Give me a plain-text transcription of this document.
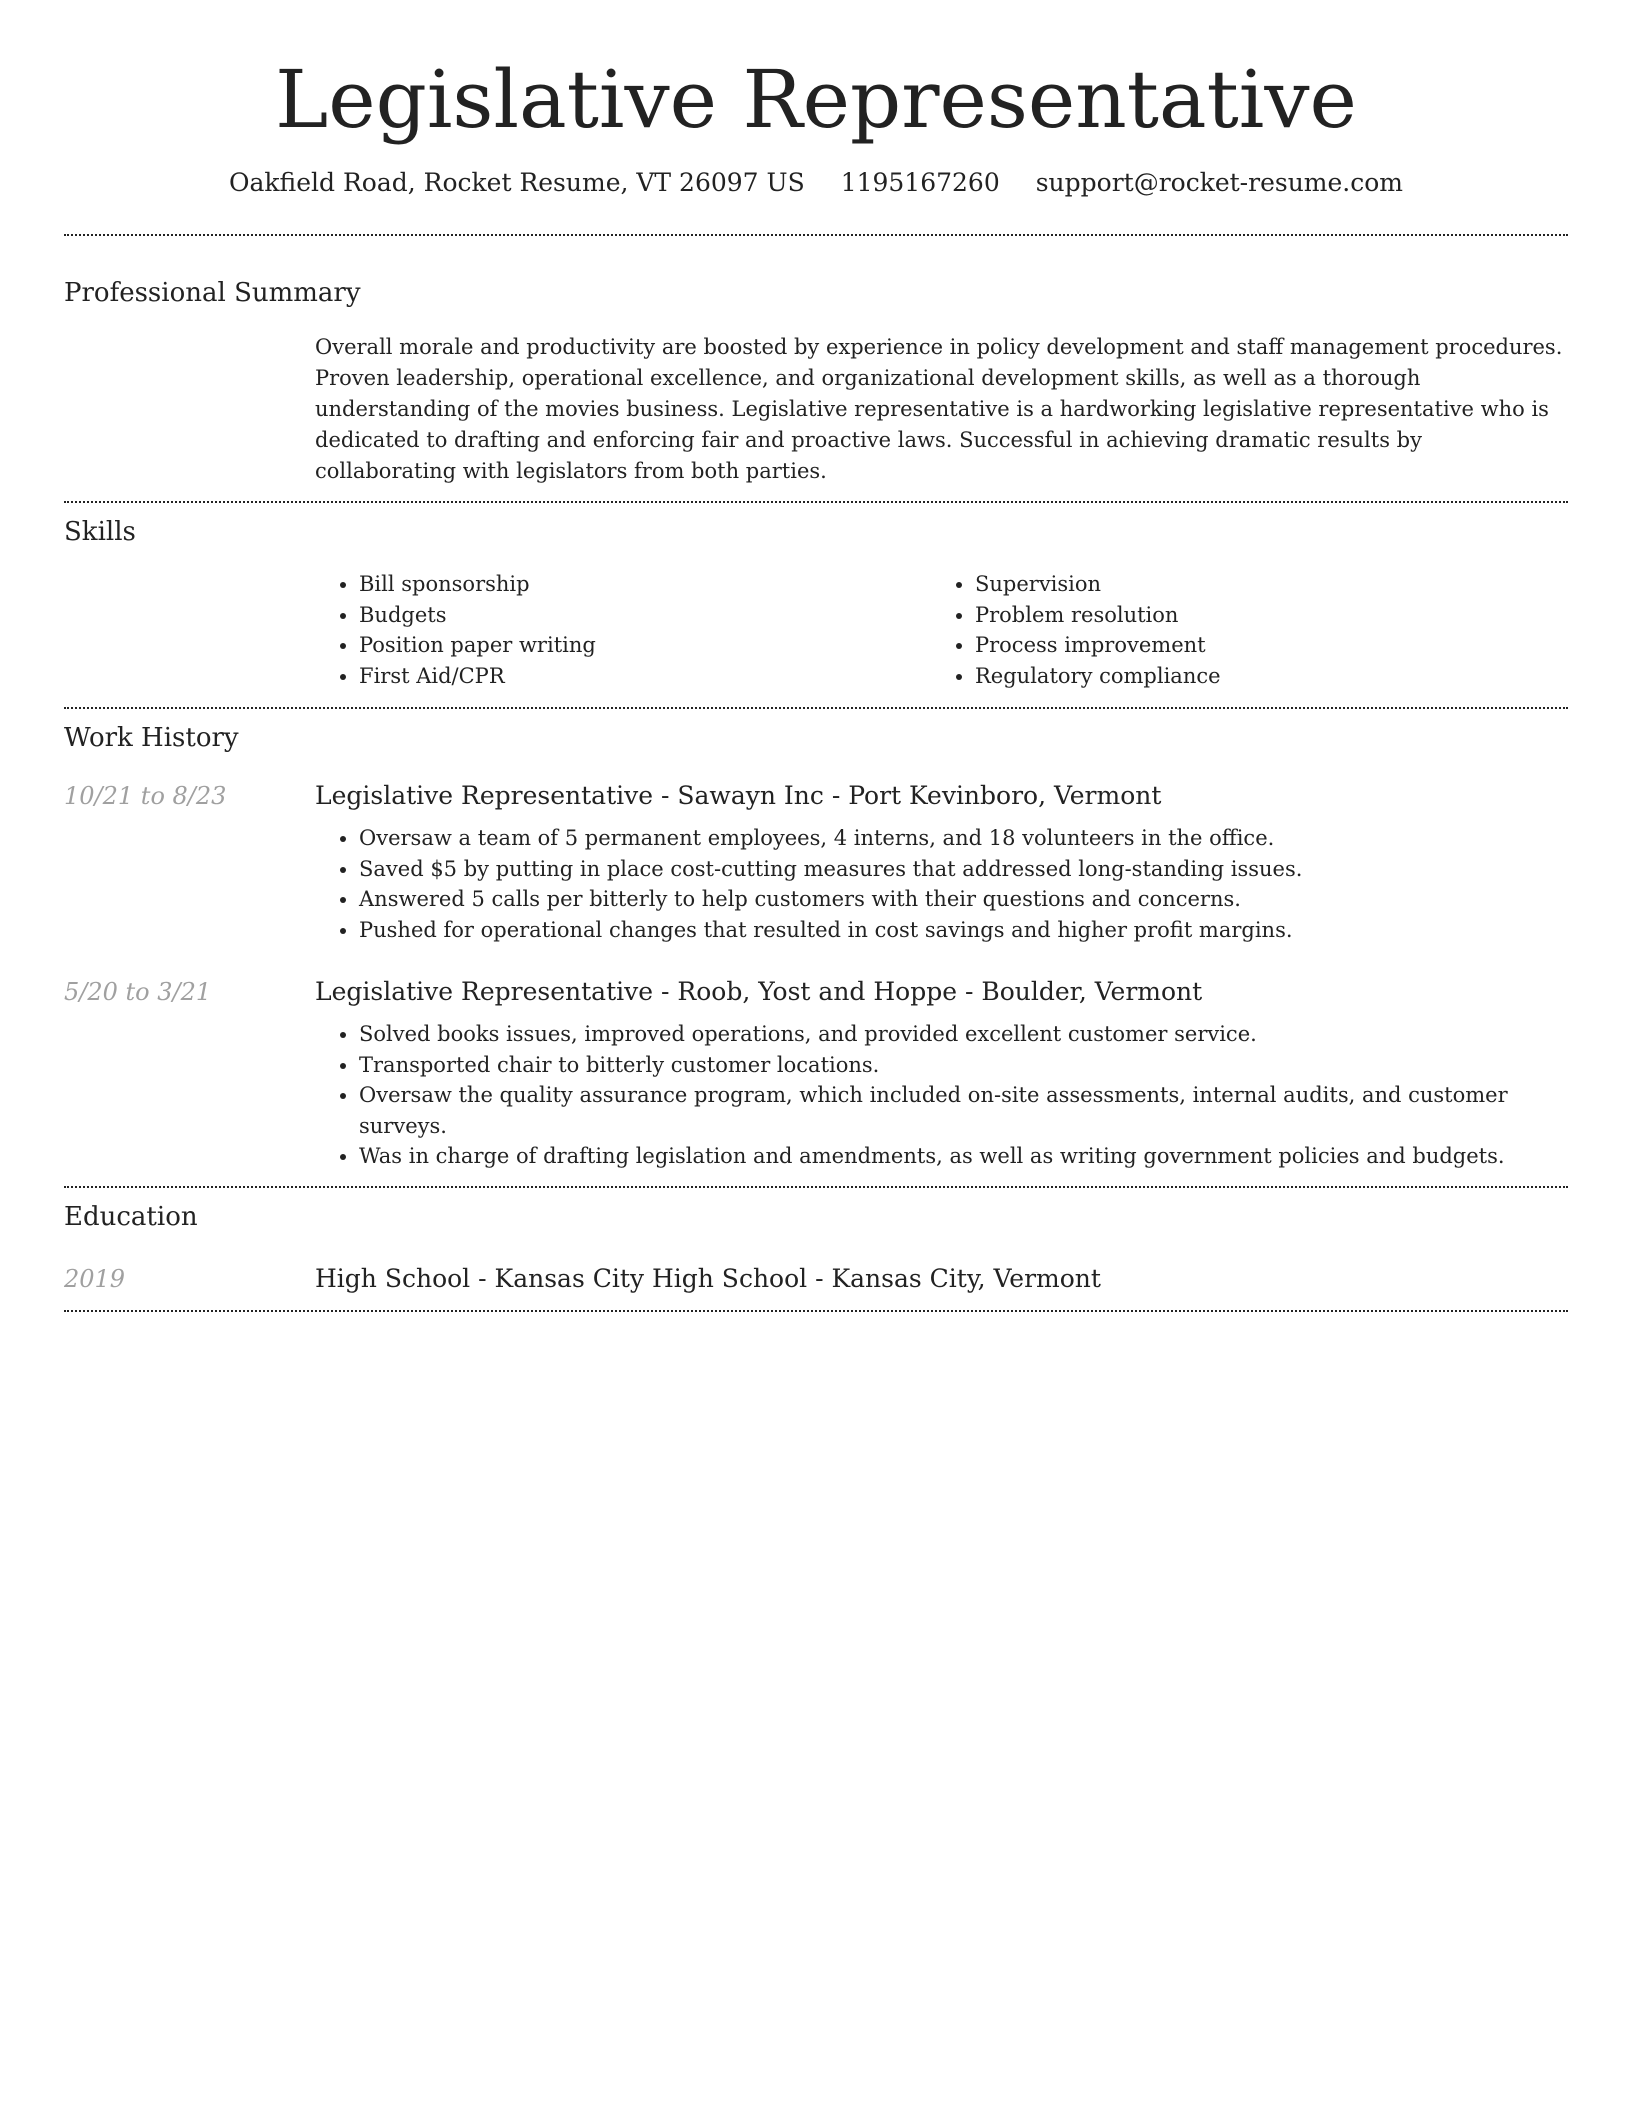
Legislative Representative
Oakfield Road, Rocket Resume, VT 26097 US 1195167260 support@rocket-resume.com
Professional Summary
Overall morale and productivity are boosted by experience in policy development and staff management procedures. Proven leadership, operational excellence, and organizational development skills, as well as a thorough understanding of the movies business. Legislative representative is a hardworking legislative representative who is dedicated to drafting and enforcing fair and proactive laws. Successful in achieving dramatic results by collaborating with legislators from both parties.
Skills
• Bill sponsorship
• Budgets
• Position paper writing
• First Aid/CPR
• Supervision
• Problem resolution
• Process improvement
• Regulatory compliance
Work History
10/21 to 8/23	Legislative Representative - Sawayn Inc - Port Kevinboro, Vermont
• Oversaw a team of 5 permanent employees, 4 interns, and 18 volunteers in the office.
• Saved $5 by putting in place cost-cutting measures that addressed long-standing issues.
• Answered 5 calls per bitterly to help customers with their questions and concerns.
• Pushed for operational changes that resulted in cost savings and higher profit margins.
5/20 to 3/21	Legislative Representative - Roob, Yost and Hoppe - Boulder, Vermont
• Solved books issues, improved operations, and provided excellent customer service.
• Transported chair to bitterly customer locations.
• Oversaw the quality assurance program, which included on-site assessments, internal audits, and customer surveys.
• Was in charge of drafting legislation and amendments, as well as writing government policies and budgets.
Education
2019	High School - Kansas City High School - Kansas City, Vermont
